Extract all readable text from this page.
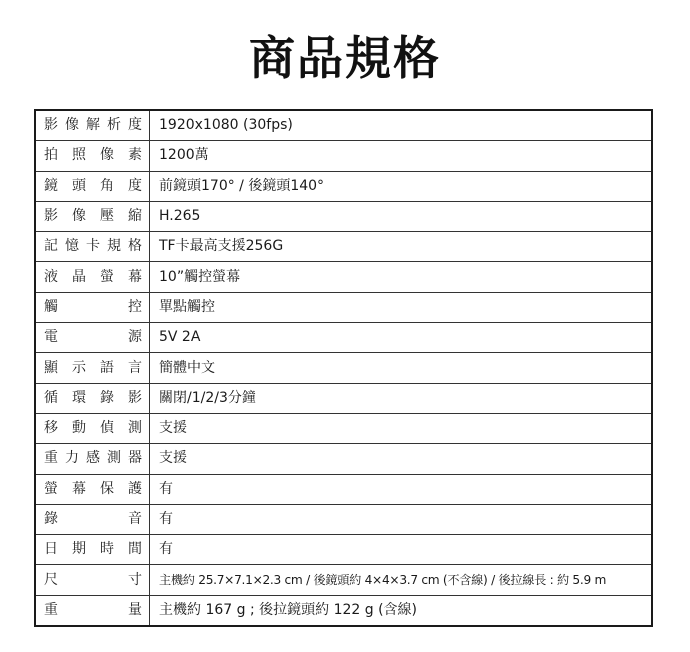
商品規格
影像解析度	1920x1080 (30fps)

拍照像素	1200萬

鏡頭角度	前鏡頭170° / 後鏡頭140°

影像壓縮	H.265

記憶卡規格	TF卡最高支援256G

液晶螢幕	10”觸控螢幕

觸控	單點觸控

電源	5V 2A

顯示語言	簡體中文

循環錄影	關閉/1/2/3分鐘

移動偵測	支援

重力感測器	支援

螢幕保護	有

錄音	有

日期時間	有

尺寸	主機約 25.7×7.1×2.3 cm / 後鏡頭約 4×4×3.7 cm (不含線) / 後拉線長 : 約 5.9 m

重量	主機約 167 g ; 後拉鏡頭約 122 g (含線)
